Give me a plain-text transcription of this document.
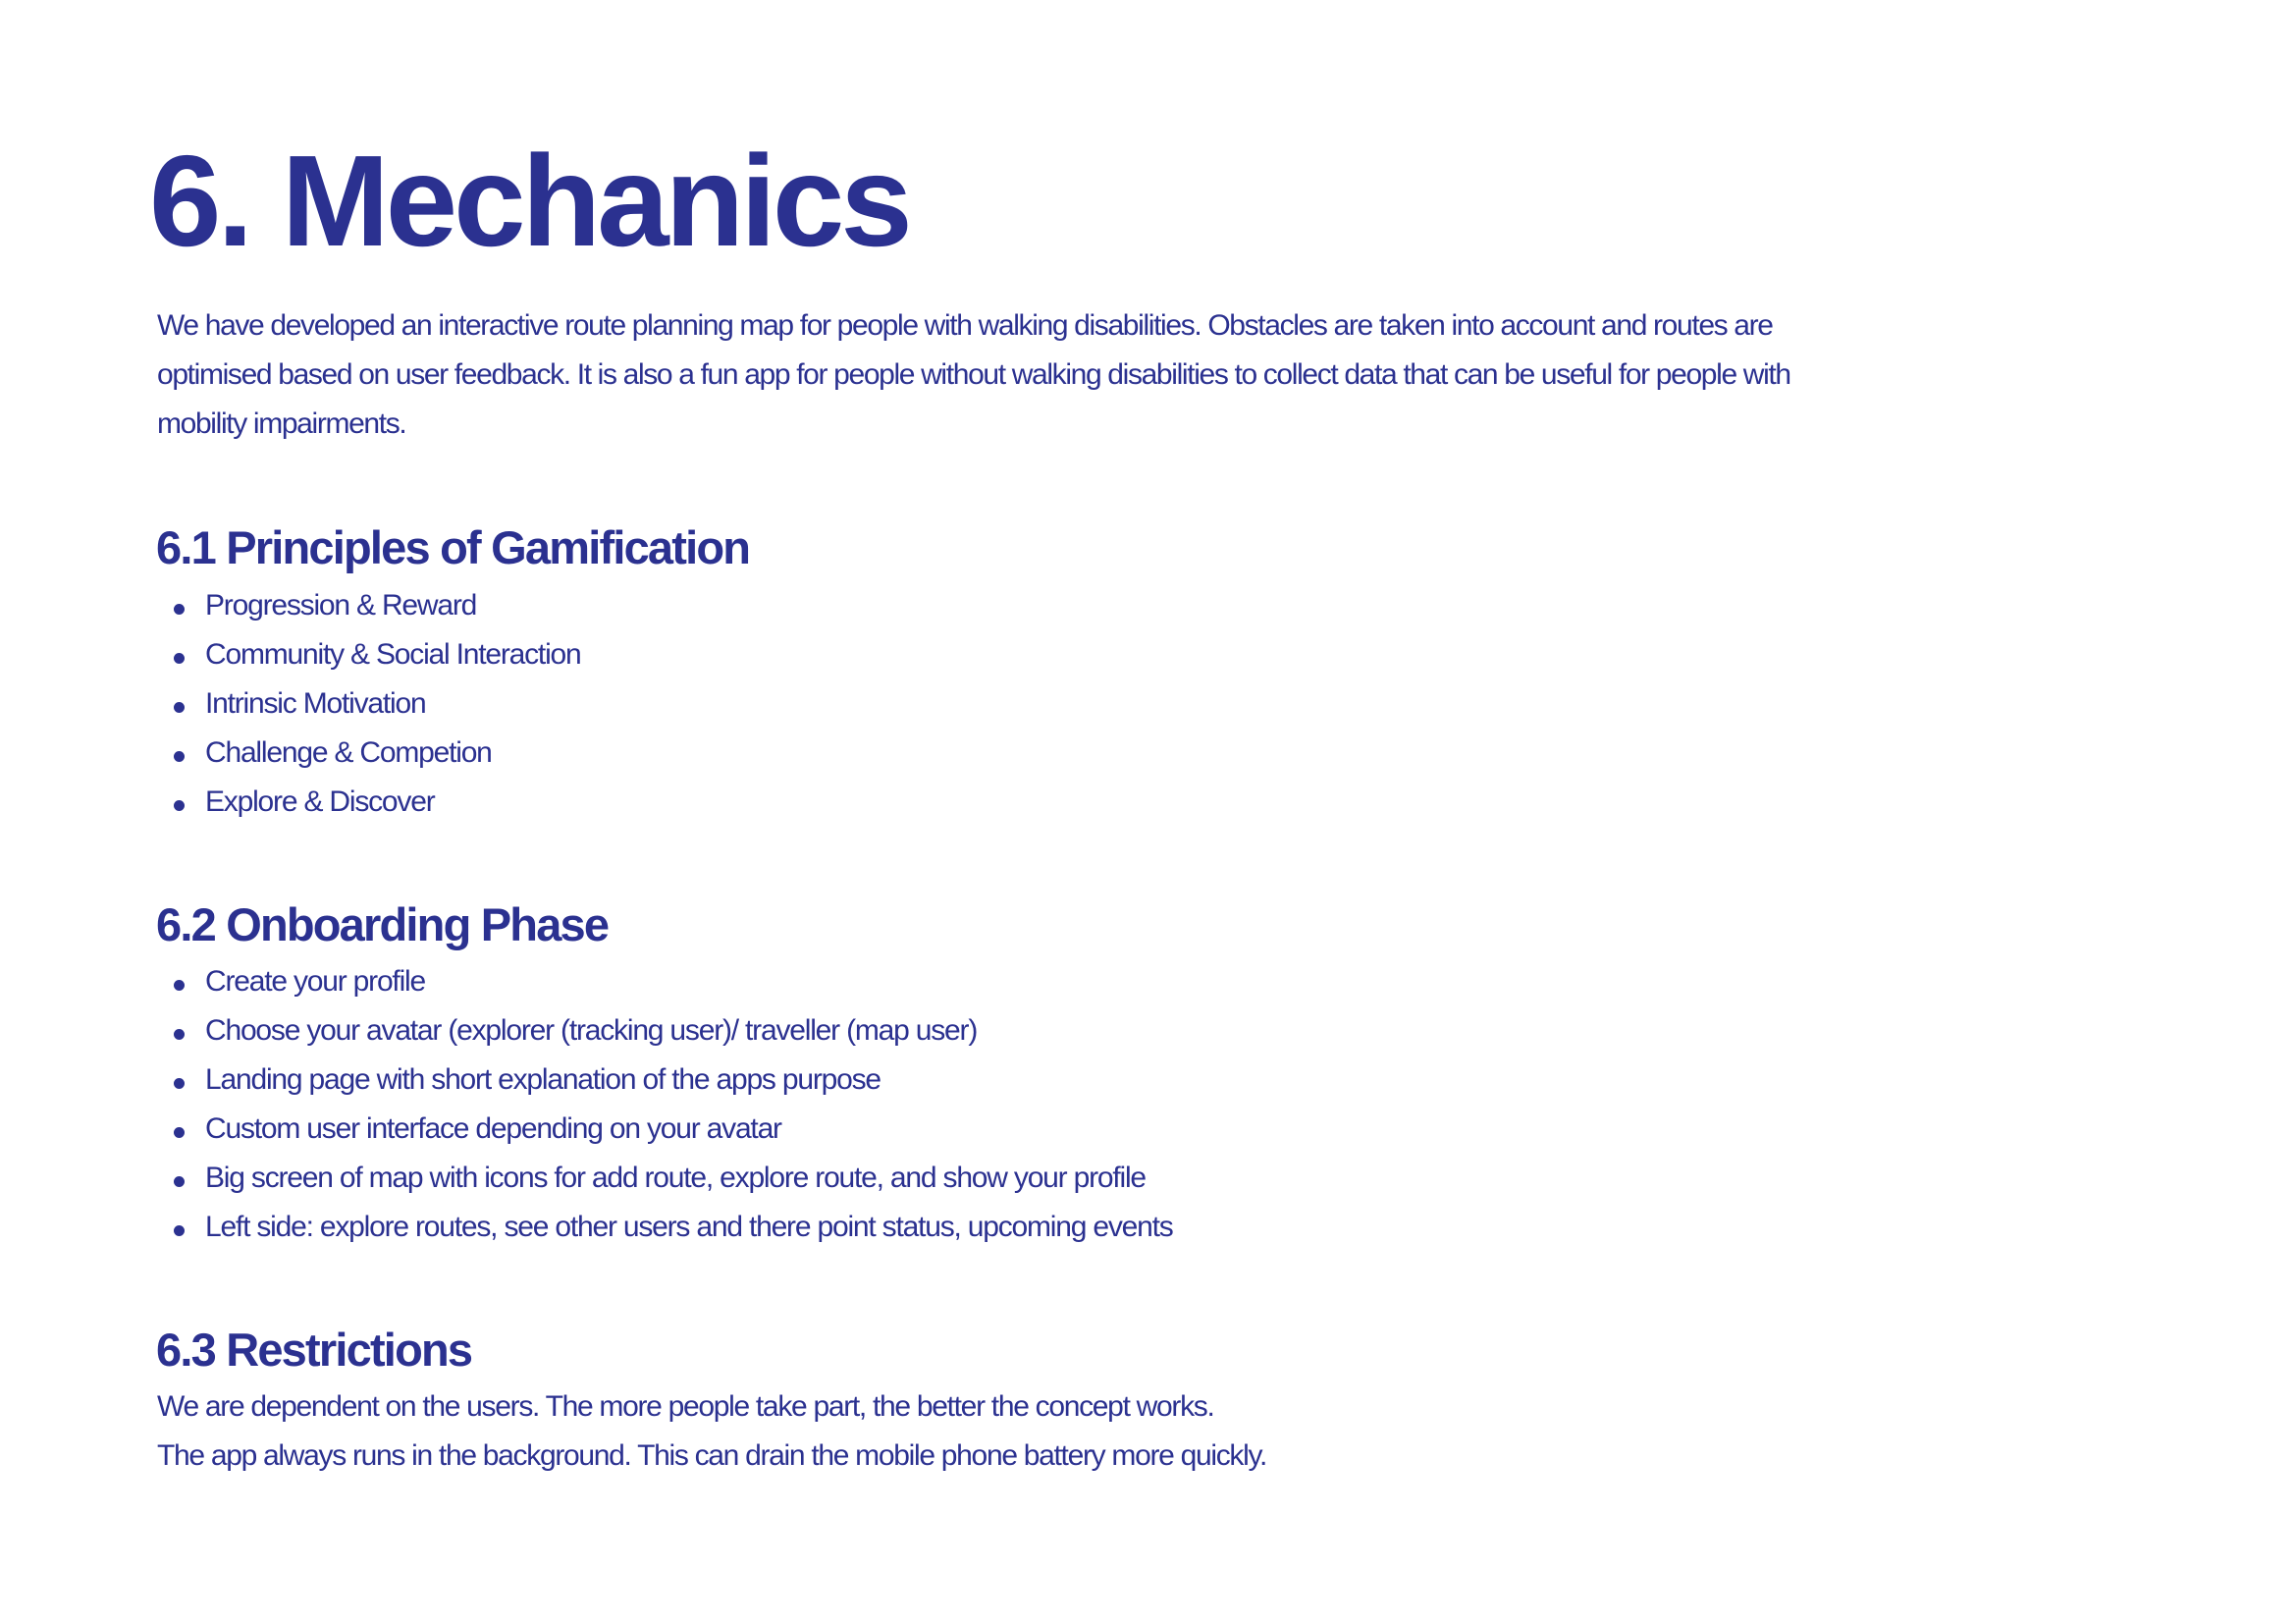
6. Mechanics
We have developed an interactive route planning map for people with walking disabilities. Obstacles are taken into account and routes are
optimised based on user feedback. It is also a fun app for people without walking disabilities to collect data that can be useful for people with
mobility impairments.
6.1 Principles of Gamification
Progression & Reward
Community & Social Interaction
Intrinsic Motivation
Challenge & Competion
Explore & Discover
6.2 Onboarding Phase
Create your profile
Choose your avatar (explorer (tracking user)/ traveller (map user)
Landing page with short explanation of the apps purpose
Custom user interface depending on your avatar
Big screen of map with icons for add route, explore route, and show your profile
Left side: explore routes, see other users and there point status, upcoming events
6.3 Restrictions
We are dependent on the users. The more people take part, the better the concept works.
The app always runs in the background. This can drain the mobile phone battery more quickly.
